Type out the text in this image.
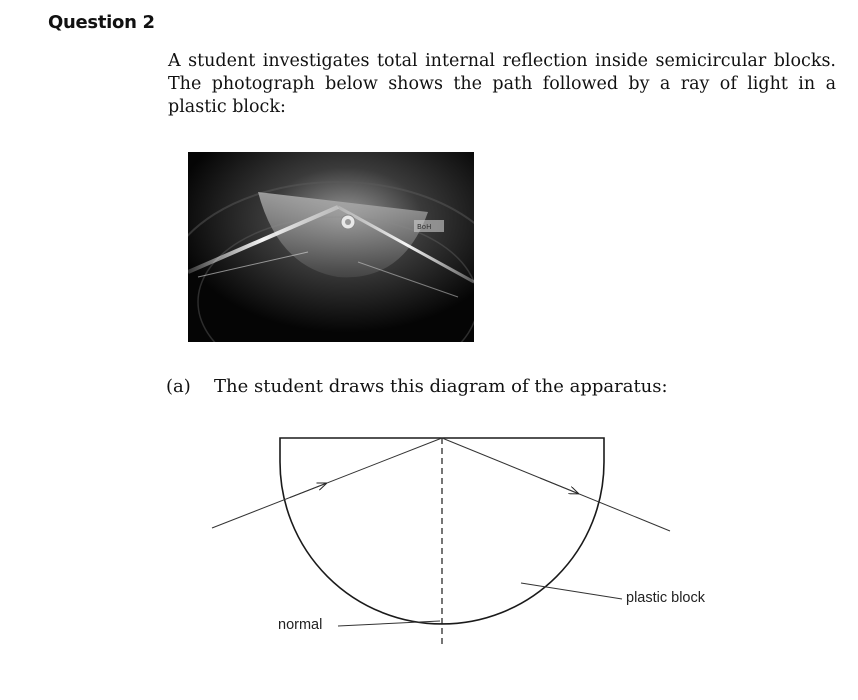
Question 2
A student investigates total internal reflection inside semicircular blocks. The photograph below shows the path followed by a ray of light in a plastic block:
BoH
(a) The student draws this diagram of the apparatus:
plastic block
normal
